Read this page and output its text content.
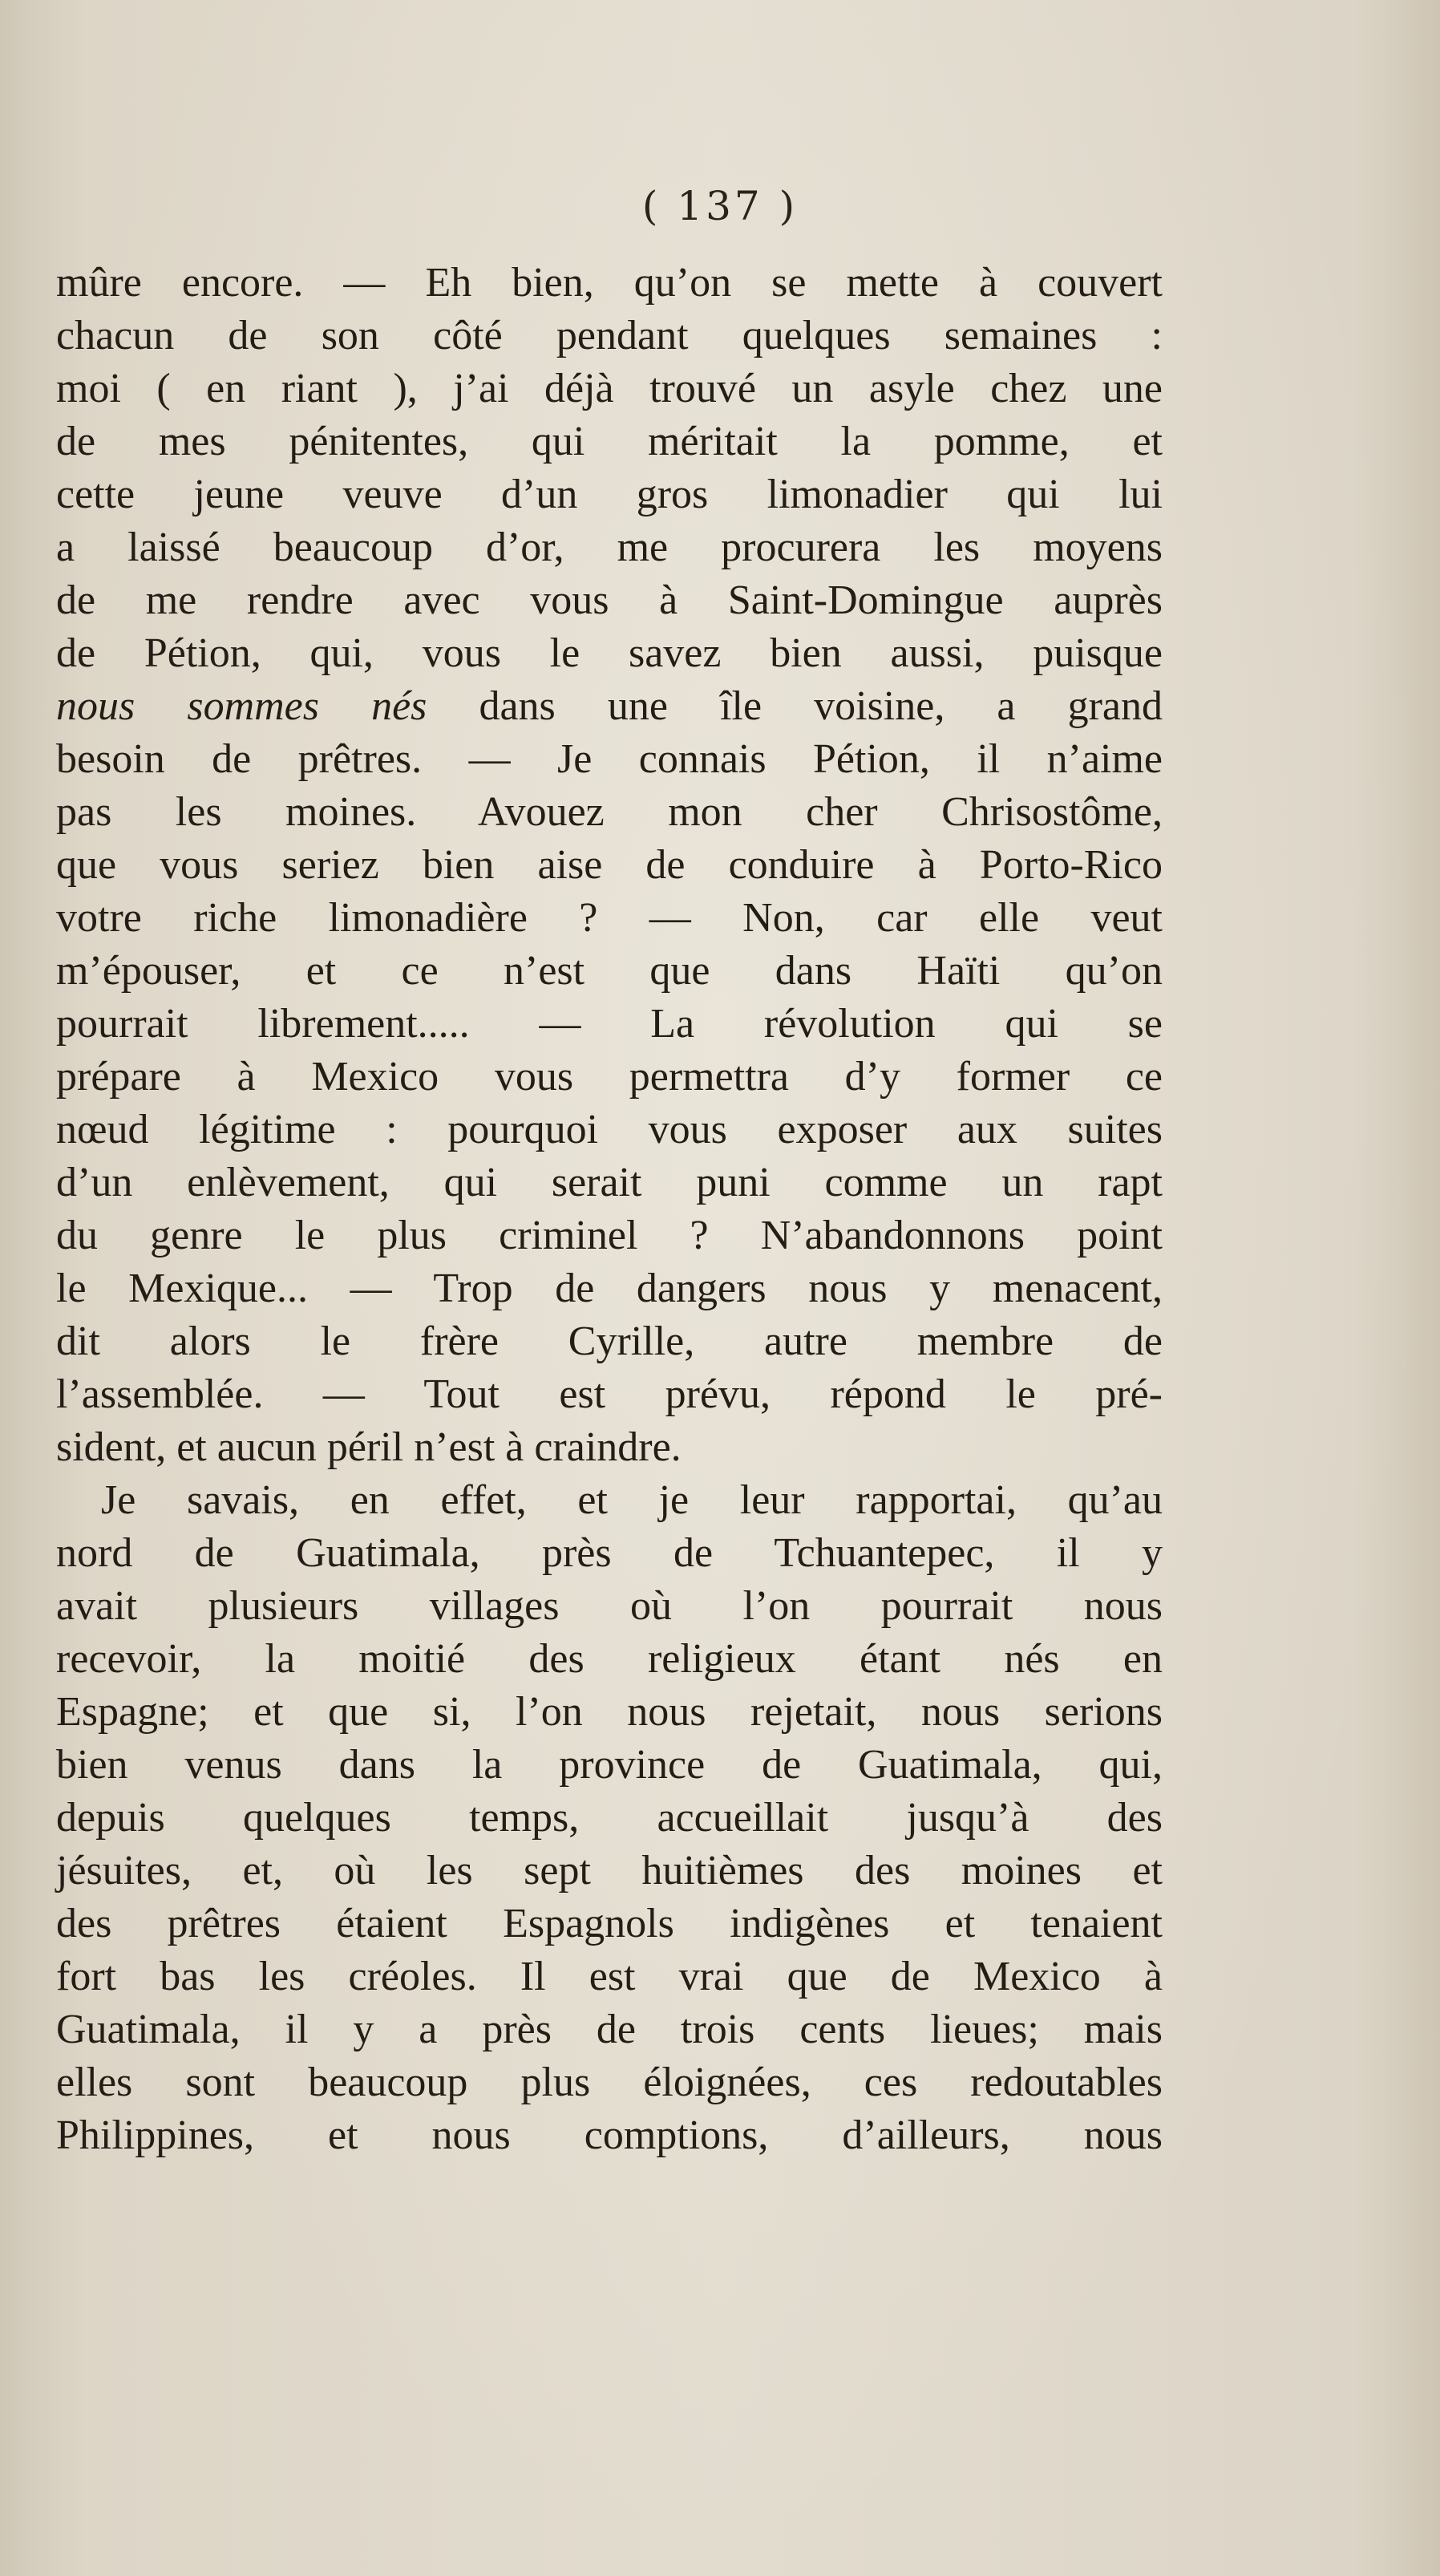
( 137 )
mûre encore. — Eh bien, qu’on se mette à couvert
chacun de son côté pendant quelques semaines :
moi ( en riant ), j’ai déjà trouvé un asyle chez une
de mes pénitentes, qui méritait la pomme, et
cette jeune veuve d’un gros limonadier qui lui
a laissé beaucoup d’or, me procurera les moyens
de me rendre avec vous à Saint-Domingue auprès
de Pétion, qui, vous le savez bien aussi, puisque
nous sommes nés dans une île voisine, a grand
besoin de prêtres. — Je connais Pétion, il n’aime
pas les moines. Avouez mon cher Chrisostôme,
que vous seriez bien aise de conduire à Porto-Rico
votre riche limonadière ? — Non, car elle veut
m’épouser, et ce n’est que dans Haïti qu’on
pourrait librement..... — La révolution qui se
prépare à Mexico vous permettra d’y former ce
nœud légitime : pourquoi vous exposer aux suites
d’un enlèvement, qui serait puni comme un rapt
du genre le plus criminel ? N’abandonnons point
le Mexique... — Trop de dangers nous y menacent,
dit alors le frère Cyrille, autre membre de
l’assemblée. — Tout est prévu, répond le pré-
sident, et aucun péril n’est à craindre.
Je savais, en effet, et je leur rapportai, qu’au
nord de Guatimala, près de Tchuantepec, il y
avait plusieurs villages où l’on pourrait nous
recevoir, la moitié des religieux étant nés en
Espagne; et que si, l’on nous rejetait, nous serions
bien venus dans la province de Guatimala, qui,
depuis quelques temps, accueillait jusqu’à des
jésuites, et, où les sept huitièmes des moines et
des prêtres étaient Espagnols indigènes et tenaient
fort bas les créoles. Il est vrai que de Mexico à
Guatimala, il y a près de trois cents lieues; mais
elles sont beaucoup plus éloignées, ces redoutables
Philippines, et nous comptions, d’ailleurs, nous
